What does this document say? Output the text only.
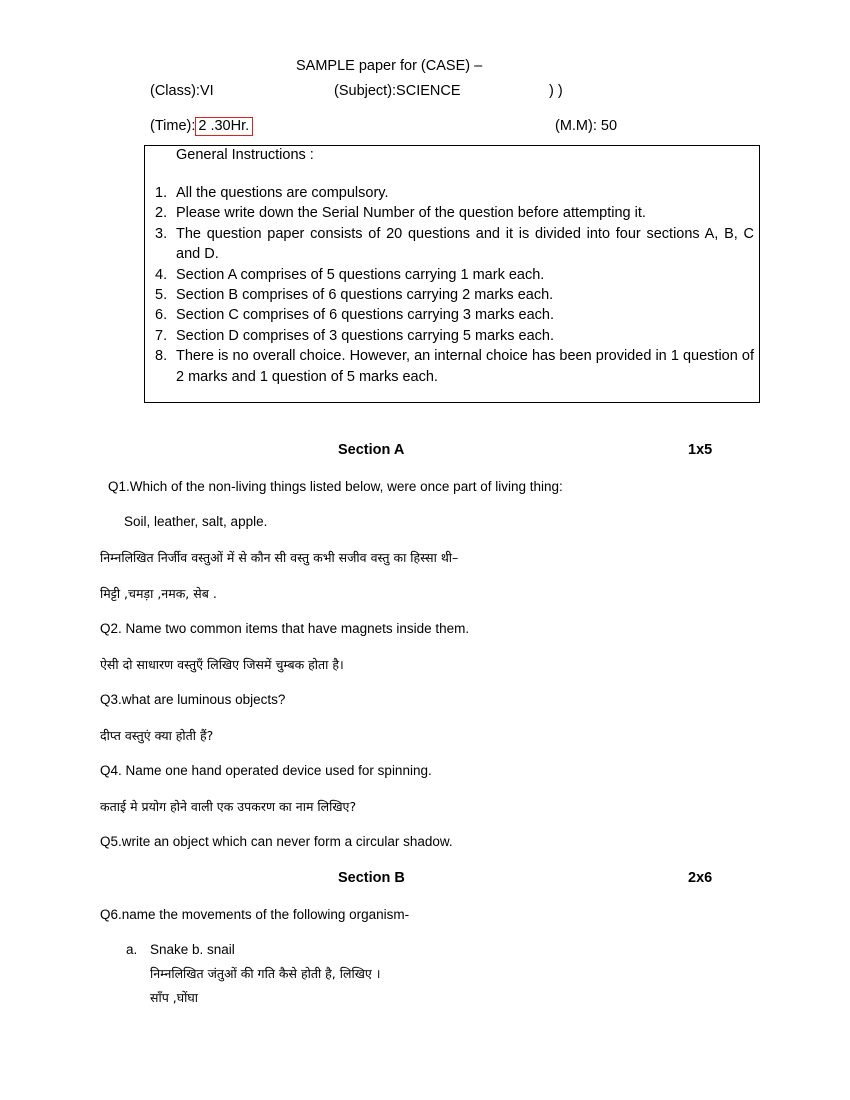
SAMPLE paper for (CASE) –
(Class):VI	(Subject):SCIENCE	) )
(Time): 2 .30Hr.	(M.M): 50
General Instructions :
1. All the questions are compulsory.
2. Please write down the Serial Number of the question before attempting it.
3. The question paper consists of 20 questions and it is divided into four sections A, B, C and D.
4. Section A comprises of 5 questions carrying 1 mark each.
5. Section B comprises of 6 questions carrying 2 marks each.
6. Section C comprises of 6 questions carrying 3 marks each.
7. Section D comprises of 3 questions carrying 5 marks each.
8. There is no overall choice. However, an internal choice has been provided in 1 question of 2 marks and 1 question of 5 marks each.
Section A	1x5
Q1.Which of the non-living things listed below, were once part of living thing:
Soil, leather, salt, apple.
निम्नलिखित निर्जीव वस्तुओं में से कौन सी वस्तु कभी सजीव वस्तु का हिस्सा थी–
मिट्टी ,चमड़ा ,नमक, सेब .
Q2. Name two common items that have magnets inside them.
ऐसी दो साधारण वस्तुएँ लिखिए जिसमें चुम्बक होता है।
Q3.what are luminous objects?
दीप्त वस्तुएं क्या होती हैं?
Q4. Name one hand operated device used for spinning.
कताई मे प्रयोग होने वाली एक उपकरण का नाम लिखिए?
Q5.write an object which can never form a circular shadow.
Section B	2x6
Q6.name the movements of the following organism-
a. Snake b. snail
निम्नलिखित जंतुओं की गति कैसे होती है, लिखिए ।
साँप ,घोंघा
